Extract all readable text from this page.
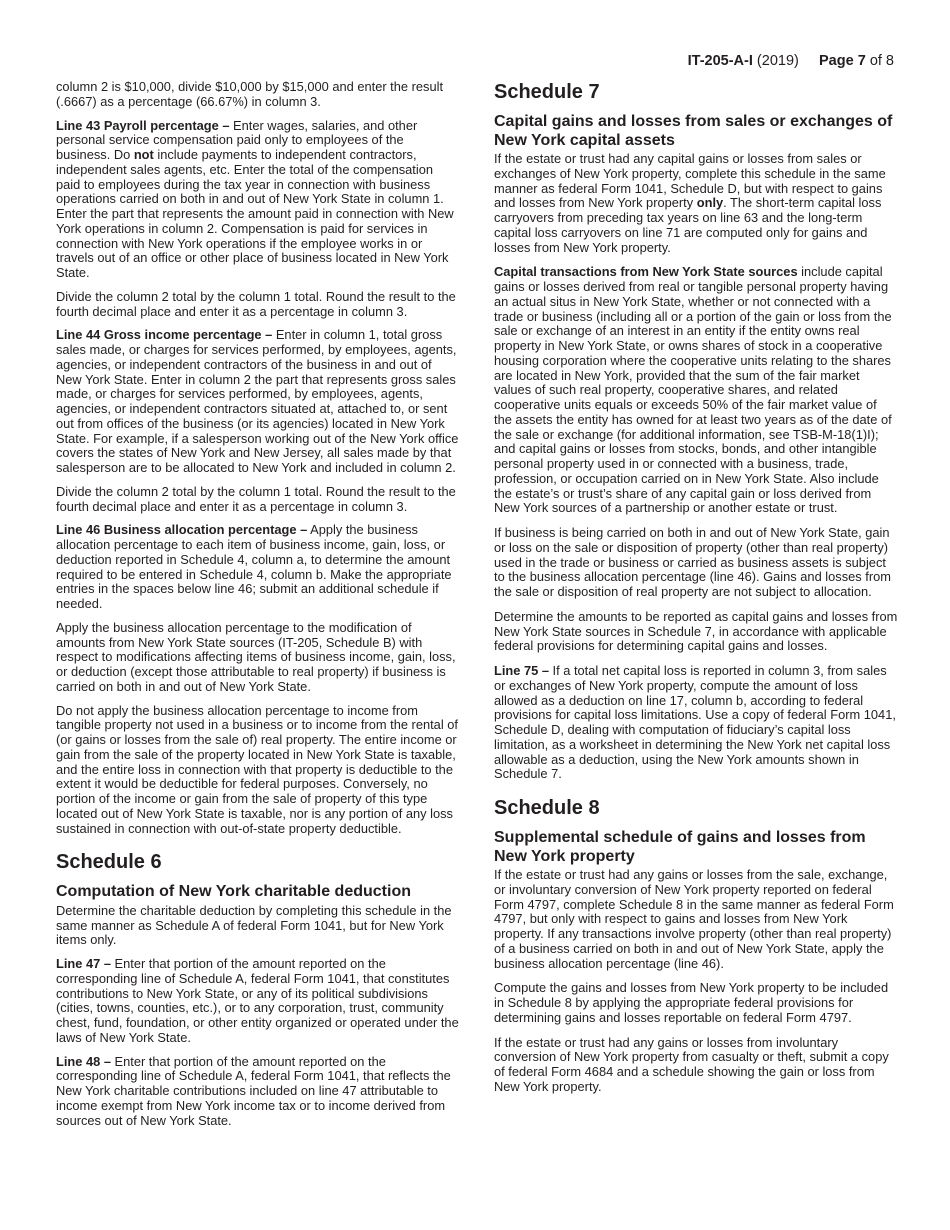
IT-205-A-I (2019) Page 7 of 8

column 2 is $10,000, divide $10,000 by $15,000 and enter the result (.6667) as a percentage (66.67%) in column 3.

Line 43 Payroll percentage – Enter wages, salaries, and other personal service compensation paid only to employees of the business. Do not include payments to independent contractors, independent sales agents, etc. Enter the total of the compensation paid to employees during the tax year in connection with business operations carried on both in and out of New York State in column 1. Enter the part that represents the amount paid in connection with New York operations in column 2. Compensation is paid for services in connection with New York operations if the employee works in or travels out of an office or other place of business located in New York State.

Divide the column 2 total by the column 1 total. Round the result to the fourth decimal place and enter it as a percentage in column 3.

Line 44 Gross income percentage – Enter in column 1, total gross sales made, or charges for services performed, by employees, agents, agencies, or independent contractors of the business in and out of New York State. Enter in column 2 the part that represents gross sales made, or charges for services performed, by employees, agents, agencies, or independent contractors situated at, attached to, or sent out from offices of the business (or its agencies) located in New York State. For example, if a salesperson working out of the New York office covers the states of New York and New Jersey, all sales made by that salesperson are to be allocated to New York and included in column 2.

Divide the column 2 total by the column 1 total. Round the result to the fourth decimal place and enter it as a percentage in column 3.

Line 46 Business allocation percentage – Apply the business allocation percentage to each item of business income, gain, loss, or deduction reported in Schedule 4, column a, to determine the amount required to be entered in Schedule 4, column b. Make the appropriate entries in the spaces below line 46; submit an additional schedule if needed.

Apply the business allocation percentage to the modification of amounts from New York State sources (IT-205, Schedule B) with respect to modifications affecting items of business income, gain, loss, or deduction (except those attributable to real property) if business is carried on both in and out of New York State.

Do not apply the business allocation percentage to income from tangible property not used in a business or to income from the rental of (or gains or losses from the sale of) real property. The entire income or gain from the sale of the property located in New York State is taxable, and the entire loss in connection with that property is deductible to the extent it would be deductible for federal purposes. Conversely, no portion of the income or gain from the sale of property of this type located out of New York State is taxable, nor is any portion of any loss sustained in connection with out-of-state property deductible.

Schedule 6
Computation of New York charitable deduction

Determine the charitable deduction by completing this schedule in the same manner as Schedule A of federal Form 1041, but for New York items only.

Line 47 – Enter that portion of the amount reported on the corresponding line of Schedule A, federal Form 1041, that constitutes contributions to New York State, or any of its political subdivisions (cities, towns, counties, etc.), or to any corporation, trust, community chest, fund, foundation, or other entity organized or operated under the laws of New York State.

Line 48 – Enter that portion of the amount reported on the corresponding line of Schedule A, federal Form 1041, that reflects the New York charitable contributions included on line 47 attributable to income exempt from New York income tax or to income derived from sources out of New York State.

Schedule 7
Capital gains and losses from sales or exchanges of New York capital assets

If the estate or trust had any capital gains or losses from sales or exchanges of New York property, complete this schedule in the same manner as federal Form 1041, Schedule D, but with respect to gains and losses from New York property only. The short-term capital loss carryovers from preceding tax years on line 63 and the long-term capital loss carryovers on line 71 are computed only for gains and losses from New York property.

Capital transactions from New York State sources include capital gains or losses derived from real or tangible personal property having an actual situs in New York State, whether or not connected with a trade or business (including all or a portion of the gain or loss from the sale or exchange of an interest in an entity if the entity owns real property in New York State, or owns shares of stock in a cooperative housing corporation where the cooperative units relating to the shares are located in New York, provided that the sum of the fair market values of such real property, cooperative shares, and related cooperative units equals or exceeds 50% of the fair market value of the assets the entity has owned for at least two years as of the date of the sale or exchange (for additional information, see TSB-M-18(1)I); and capital gains or losses from stocks, bonds, and other intangible personal property used in or connected with a business, trade, profession, or occupation carried on in New York State. Also include the estate’s or trust’s share of any capital gain or loss derived from New York sources of a partnership or another estate or trust.

If business is being carried on both in and out of New York State, gain or loss on the sale or disposition of property (other than real property) used in the trade or business or carried as business assets is subject to the business allocation percentage (line 46). Gains and losses from the sale or disposition of real property are not subject to allocation.

Determine the amounts to be reported as capital gains and losses from New York State sources in Schedule 7, in accordance with applicable federal provisions for determining capital gains and losses.

Line 75 – If a total net capital loss is reported in column 3, from sales or exchanges of New York property, compute the amount of loss allowed as a deduction on line 17, column b, according to federal provisions for capital loss limitations. Use a copy of federal Form 1041, Schedule D, dealing with computation of fiduciary’s capital loss limitation, as a worksheet in determining the New York net capital loss allowable as a deduction, using the New York amounts shown in Schedule 7.

Schedule 8
Supplemental schedule of gains and losses from New York property

If the estate or trust had any gains or losses from the sale, exchange, or involuntary conversion of New York property reported on federal Form 4797, complete Schedule 8 in the same manner as federal Form 4797, but only with respect to gains and losses from New York property. If any transactions involve property (other than real property) of a business carried on both in and out of New York State, apply the business allocation percentage (line 46).

Compute the gains and losses from New York property to be included in Schedule 8 by applying the appropriate federal provisions for determining gains and losses reportable on federal Form 4797.

If the estate or trust had any gains or losses from involuntary conversion of New York property from casualty or theft, submit a copy of federal Form 4684 and a schedule showing the gain or loss from New York property.
